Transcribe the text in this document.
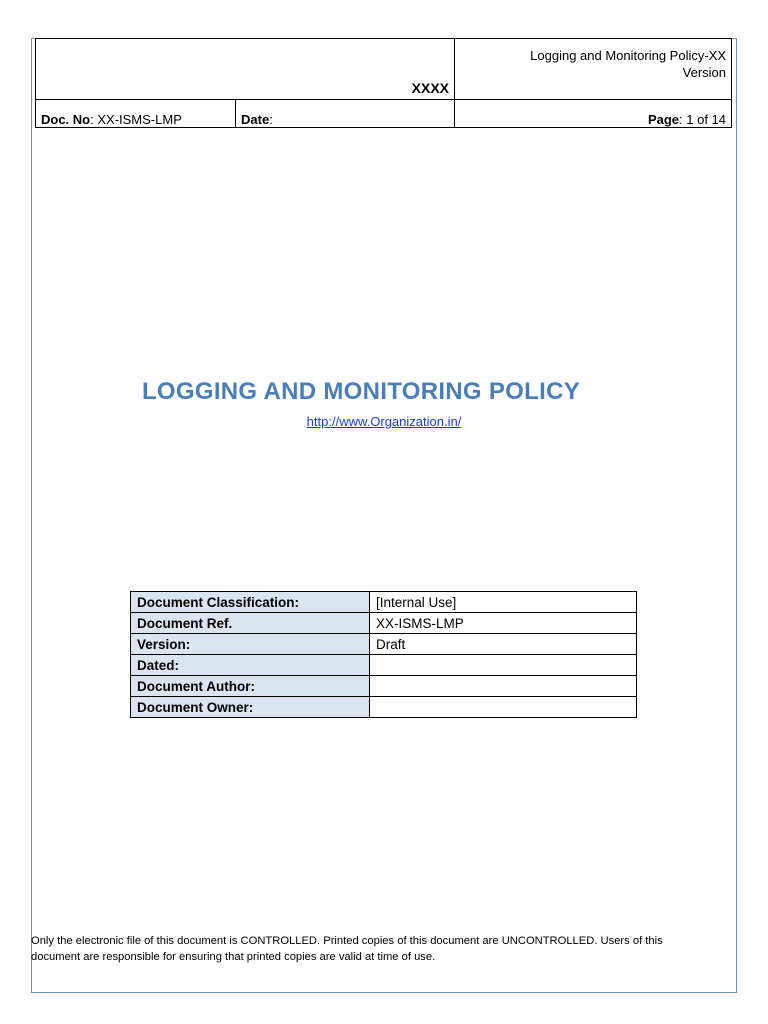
XXXX		Logging and Monitoring Policy-XX
Version

Doc. No: XX-ISMS-LMP	Date:	Page: 1 of 14
LOGGING AND MONITORING POLICY
http://www.Organization.in/
Document Classification:	[Internal Use]
Document Ref.	XX-ISMS-LMP
Version:	Draft
Dated:	
Document Author:	
Document Owner:	
Only the electronic file of this document is CONTROLLED. Printed copies of this document are UNCONTROLLED. Users of this
document are responsible for ensuring that printed copies are valid at time of use.
